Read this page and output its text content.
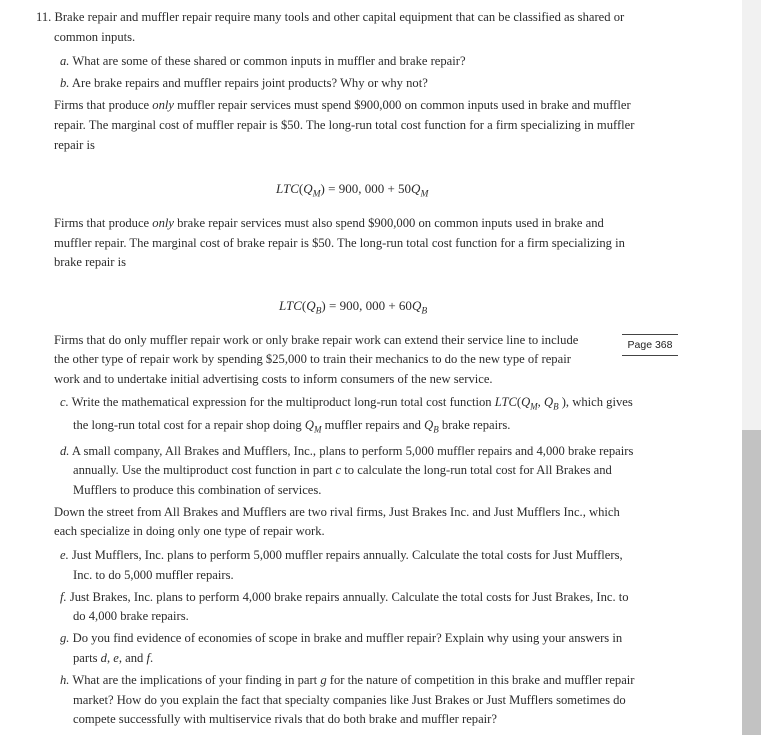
11. Brake repair and muffler repair require many tools and other capital equipment that can be classified as shared or
common inputs.
a. What are some of these shared or common inputs in muffler and brake repair?
b. Are brake repairs and muffler repairs joint products? Why or why not?
Firms that produce only muffler repair services must spend $900,000 on common inputs used in brake and muffler
repair. The marginal cost of muffler repair is $50. The long-run total cost function for a firm specializing in muffler
repair is
$LTC(Q_M) = 900$, $000 + 50Q_M$
Firms that produce only brake repair services must also spend $900,000 on common inputs used in brake and
muffler repair. The marginal cost of brake repair is $50. The long-run total cost function for a firm specializing in
brake repair is
$LTC(Q_B) = 900$, $000 + 60Q_B$
Firms that do only muffler repair work or only brake repair work can extend their service line to include	Page 368
the other type of repair work by spending $25,000 to train their mechanics to do the new type of repair
work and to undertake initial advertising costs to inform consumers of the new service.
c. Write the mathematical expression for the multiproduct long-run total cost function $LTC(Q_M$, $Q_B$ ), which gives
the long-run total cost for a repair shop doing $Q_M$ muffler repairs and $Q_B$ brake repairs.
d. A small company, All Brakes and Mufflers, Inc., plans to perform 5,000 muffler repairs and 4,000 brake repairs
annually. Use the multiproduct cost function in part c to calculate the long-run total cost for All Brakes and
Mufflers to produce this combination of services.
Down the street from All Brakes and Mufflers are two rival firms, Just Brakes Inc. and Just Mufflers Inc., which
each specialize in doing only one type of repair work.
e. Just Mufflers, Inc. plans to perform 5,000 muffler repairs annually. Calculate the total costs for Just Mufflers,
Inc. to do 5,000 muffler repairs.
f. Just Brakes, Inc. plans to perform 4,000 brake repairs annually. Calculate the total costs for Just Brakes, Inc. to
do 4,000 brake repairs.
g. Do you find evidence of economies of scope in brake and muffler repair? Explain why using your answers in
parts d, e, and f.
h. What are the implications of your finding in part g for the nature of competition in this brake and muffler repair
market? How do you explain the fact that specialty companies like Just Brakes or Just Mufflers sometimes do
compete successfully with multiservice rivals that do both brake and muffler repair?
